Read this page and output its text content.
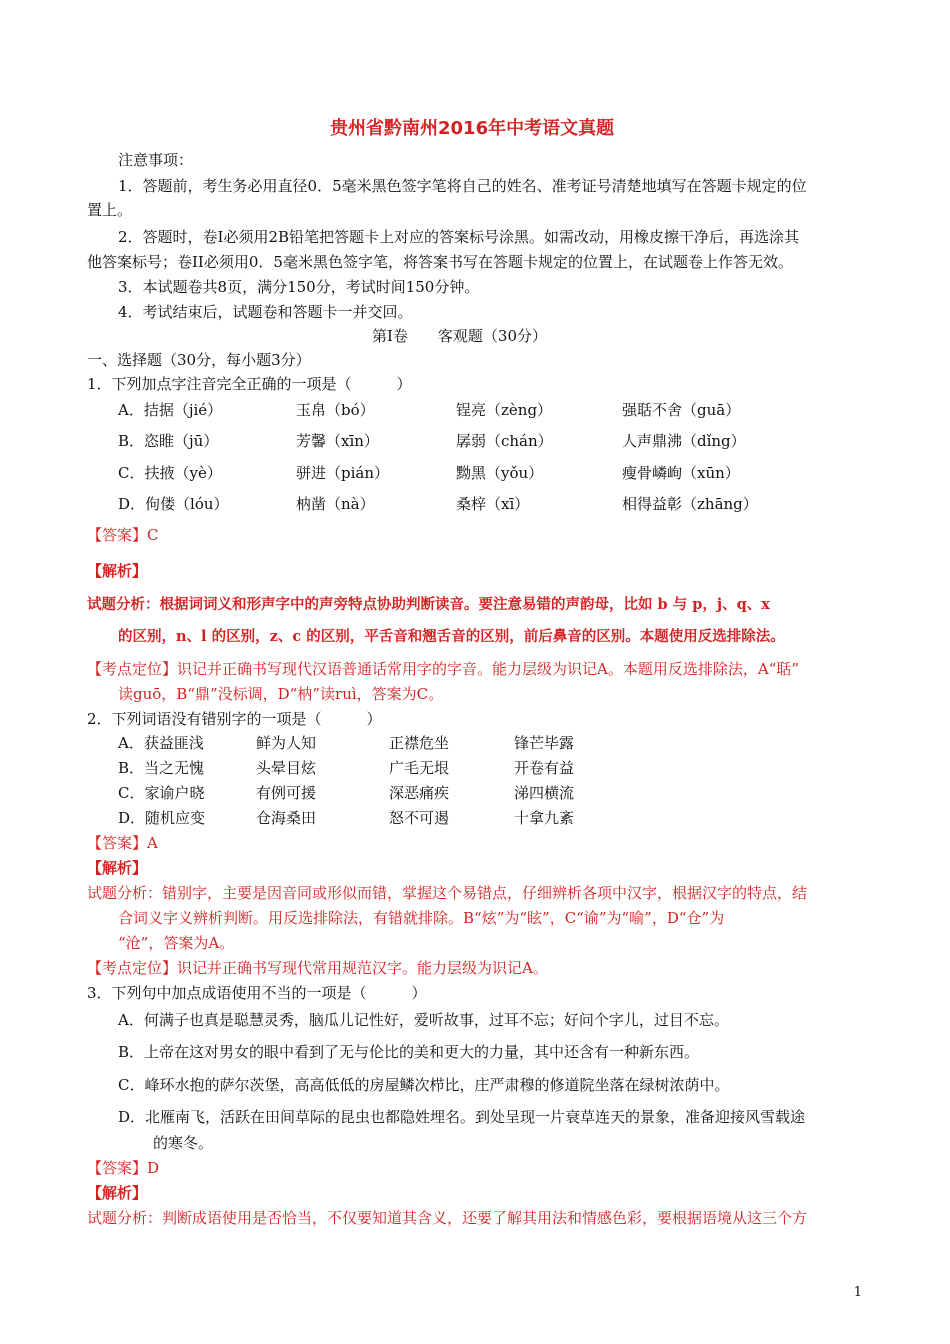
贵州省黔南州2016年中考语文真题
注意事项：
1．答题前，考生务必用直径0．5毫米黑色签字笔将自己的姓名、准考证号清楚地填写在答题卡规定的位
置上。
2．答题时，卷Ⅰ必须用2B铅笔把答题卡上对应的答案标号涂黑。如需改动，用橡皮擦干净后，再选涂其
他答案标号；卷II必须用0．5毫米黑色签字笔，将答案书写在答题卡规定的位置上，在试题卷上作答无效。
3．本试题卷共8页，满分150分，考试时间150分钟。
4．考试结束后，试题卷和答题卡一并交回。
第Ⅰ卷　　客观题（30分）
一、选择题（30分，每小题3分）
1．下列加点字注音完全正确的一项是（　　　）
A．拮据（jié）	玉帛（bó）	锃亮（zèng）	强聒不舍（guā）
B．恣睢（jū）	芳馨（xīn）	孱弱（chán）	人声鼎沸（dǐng）
C．扶掖（yè）	骈进（pián）	黝黑（yǒu）	瘦骨嶙峋（xūn）
D．佝偻（lóu）	枘凿（nà）	桑梓（xī）	相得益彰（zhāng）
【答案】C
【解析】
试题分析：根据词词义和形声字中的声旁特点协助判断读音。要注意易错的声韵母，比如 b 与 p，j、q、x
的区别，n、l 的区别，z、c 的区别，平舌音和翘舌音的区别，前后鼻音的区别。本题使用反选排除法。
【考点定位】识记并正确书写现代汉语普通话常用字的字音。能力层级为识记A。本题用反选排除法，A“聒”
读guō，B“鼎”没标调，D“枘”读ruì，答案为C。
2．下列词语没有错别字的一项是（　　　）
A．获益匪浅	鲜为人知	正襟危坐	锋芒毕露
B．当之无愧	头晕目炫	广毛无垠	开卷有益
C．家谕户晓	有例可援	深恶痛疾	涕四横流
D．随机应变	仓海桑田	怒不可遏	十拿九紊
【答案】A
【解析】
试题分析：错别字，主要是因音同或形似而错，掌握这个易错点，仔细辨析各项中汉字，根据汉字的特点，结
合词义字义辨析判断。用反选排除法，有错就排除。B“炫”为“眩”，C“谕”为“喻”，D“仓”为
“沧”，答案为A。
【考点定位】识记并正确书写现代常用规范汉字。能力层级为识记A。
3．下列句中加点成语使用不当的一项是（　　　）
A．何满子也真是聪慧灵秀，脑瓜儿记性好，爱听故事，过耳不忘；好问个字儿，过目不忘。
B．上帝在这对男女的眼中看到了无与伦比的美和更大的力量，其中还含有一种新东西。
C．峰环水抱的萨尔茨堡，高高低低的房屋鳞次栉比，庄严肃穆的修道院坐落在绿树浓荫中。
D．北雁南飞，活跃在田间草际的昆虫也都隐姓埋名。到处呈现一片衰草连天的景象，准备迎接风雪载途
的寒冬。
【答案】D
【解析】
试题分析：判断成语使用是否恰当，不仅要知道其含义，还要了解其用法和情感色彩，要根据语境从这三个方
1
